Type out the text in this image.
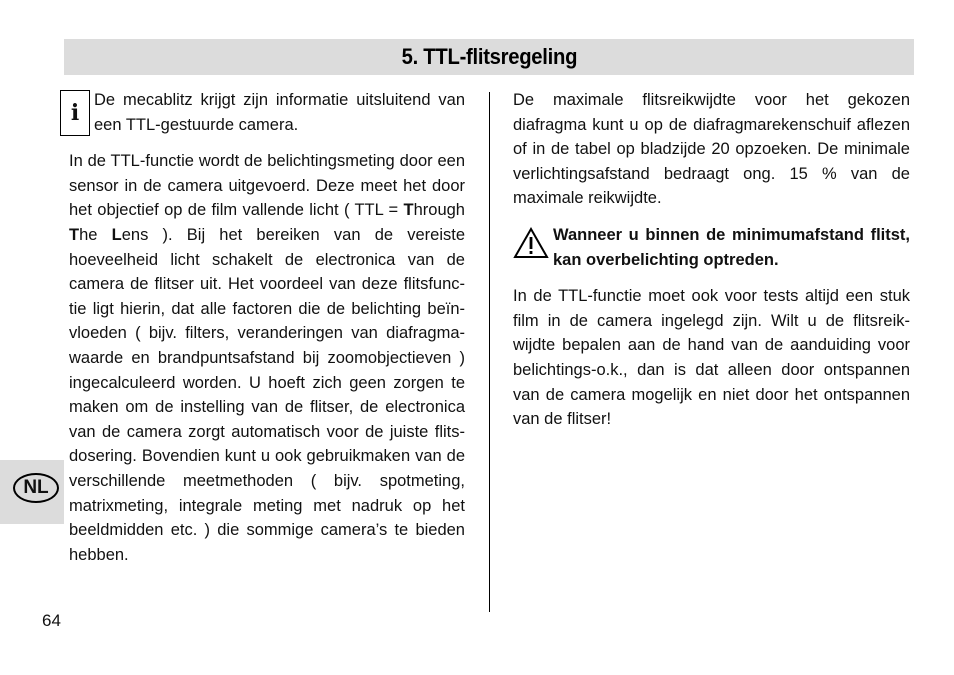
5. TTL-flitsregeling
i De mecablitz krijgt zijn informatie uitsluitend van een TTL-gestuurde camera.

In de TTL-functie wordt de belichtingsmeting door een sensor in de camera uitgevoerd. Deze meet het door het objectief op de film vallende licht ( TTL = Through The Lens ). Bij het bereiken van de vereiste hoeveelheid licht schakelt de electronica van de camera de flitser uit. Het voordeel van deze flitsfunc-tie ligt hierin, dat alle factoren die de belichting beïn-vloeden ( bijv. filters, veranderingen van diafragma-waarde en brandpuntsafstand bij zoomobjectieven ) ingecalculeerd worden. U hoeft zich geen zorgen te maken om de instelling van de flitser, de electronica van de camera zorgt automatisch voor de juiste flits-dosering. Bovendien kunt u ook gebruikmaken van de verschillende meetmethoden ( bijv. spotmeting, matrixmeting, integrale meting met nadruk op het beeldmidden etc. ) die sommige camera’s te bieden hebben.

De maximale flitsreikwijdte voor het gekozen diafragma kunt u op de diafragmarekenschuif aflezen of in de tabel op bladzijde 20 opzoeken. De minimale verlichtingsafstand bedraagt ong. 15 % van de maximale reikwijdte.

Wanneer u binnen de minimumafstand flitst, kan overbelichting optreden.

In de TTL-functie moet ook voor tests altijd een stuk film in de camera ingelegd zijn. Wilt u de flitsreik-wijdte bepalen aan de hand van de aanduiding voor belichtings-o.k., dan is dat alleen door ontspannen van de camera mogelijk en niet door het ontspannen van de flitser!

NL
64
